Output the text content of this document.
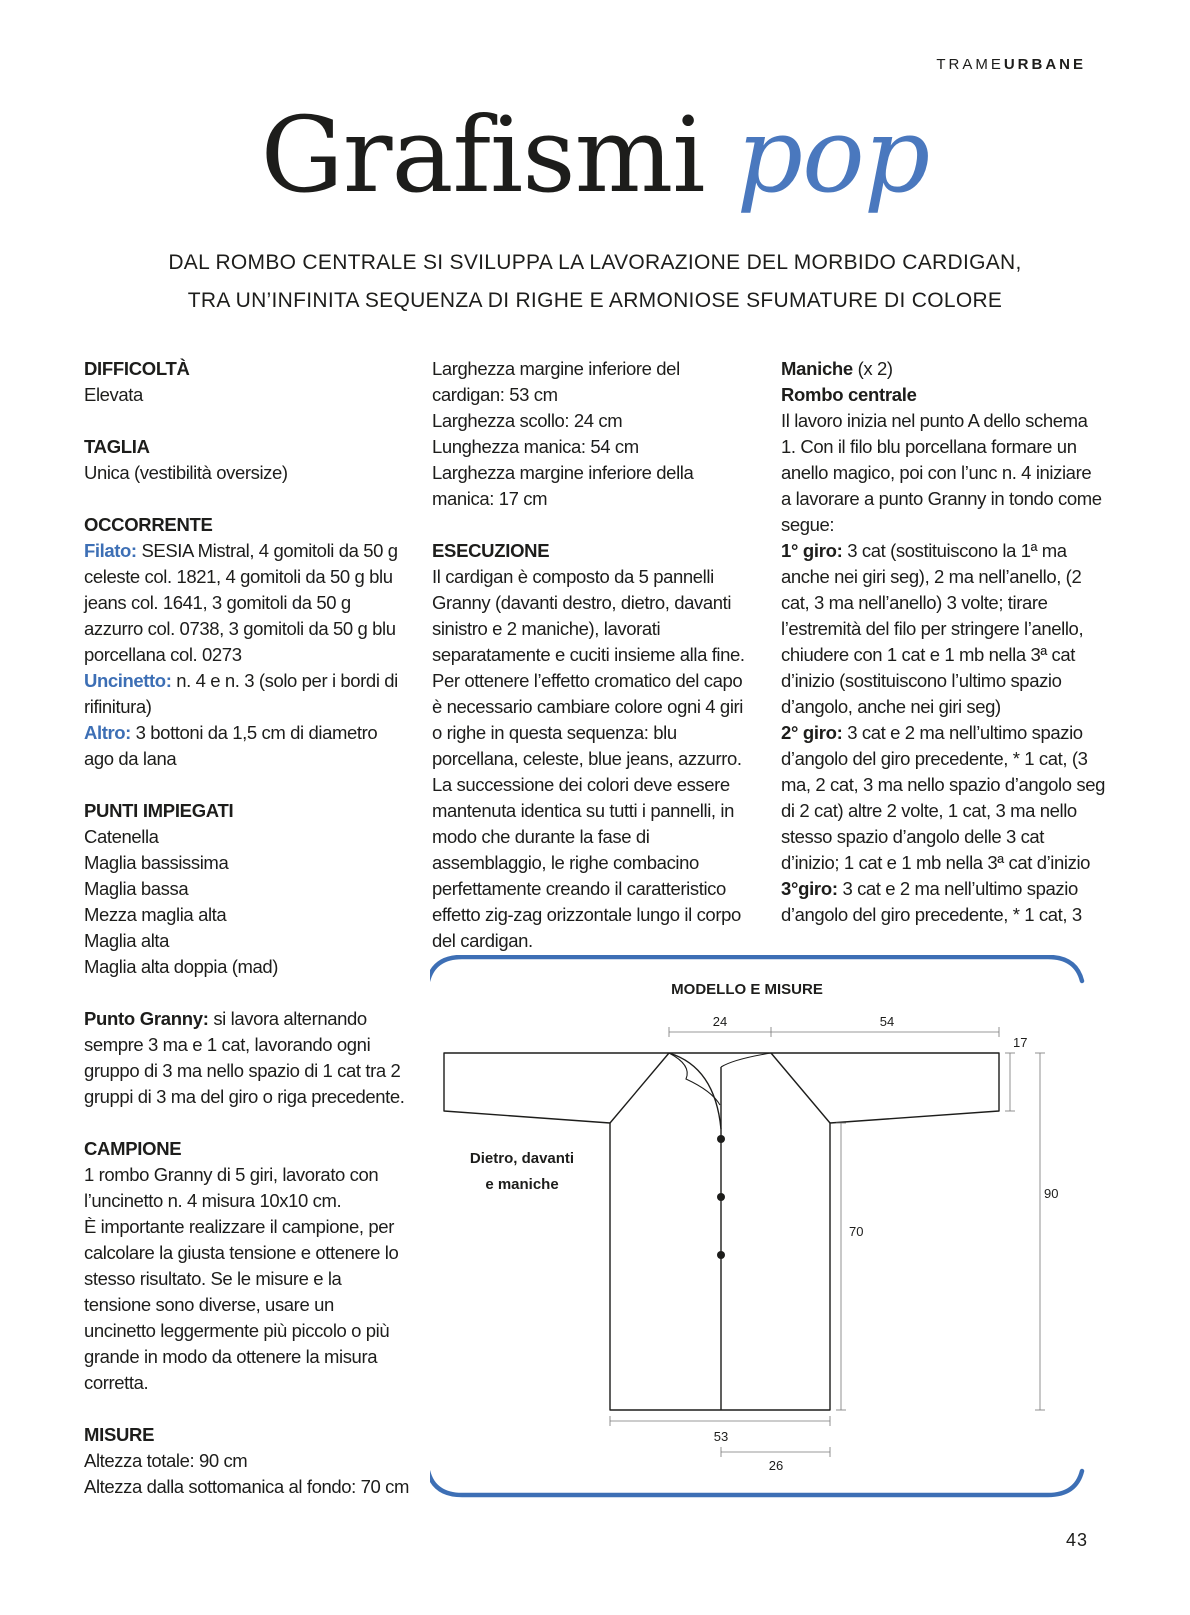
TRAMEURBANE
Grafismi pop
DAL ROMBO CENTRALE SI SVILUPPA LA LAVORAZIONE DEL MORBIDO CARDIGAN,
TRA UN’INFINITA SEQUENZA DI RIGHE E ARMONIOSE SFUMATURE DI COLORE

DIFFICOLTÀ

Elevata

TAGLIA

Unica (vestibilità oversize)

OCCORRENTE

Filato: SESIA Mistral, 4 gomitoli da 50 g celeste col. 1821, 4 gomitoli da 50 g blu jeans col. 1641, 3 gomitoli da 50 g azzurro col. 0738, 3 gomitoli da 50 g blu porcellana col. 0273

Uncinetto: n. 4 e n. 3 (solo per i bordi di rifinitura)

Altro: 3 bottoni da 1,5 cm di diametro

ago da lana

PUNTI IMPIEGATI

Catenella

Maglia bassissima

Maglia bassa

Mezza maglia alta

Maglia alta

Maglia alta doppia (mad)

Punto Granny: si lavora alternando sempre 3 ma e 1 cat, lavorando ogni gruppo di 3 ma nello spazio di 1 cat tra 2 gruppi di 3 ma del giro o riga precedente.

CAMPIONE

1 rombo Granny di 5 giri, lavorato con l’uncinetto n. 4 misura 10x10 cm.

È importante realizzare il campione, per calcolare la giusta tensione e ottenere lo stesso risultato. Se le misure e la tensione sono diverse, usare un uncinetto leggermente più piccolo o più grande in modo da ottenere la misura corretta.

MISURE

Altezza totale: 90 cm

Altezza dalla sottomanica al fondo: 70 cm

Larghezza margine inferiore del cardigan: 53 cm

Larghezza scollo: 24 cm

Lunghezza manica: 54 cm

Larghezza margine inferiore della manica: 17 cm

ESECUZIONE

Il cardigan è composto da 5 pannelli Granny (davanti destro, dietro, davanti sinistro e 2 maniche), lavorati separatamente e cuciti insieme alla fine.

Per ottenere l’effetto cromatico del capo è necessario cambiare colore ogni 4 giri o righe in questa sequenza: blu porcellana, celeste, blue jeans, azzurro.

La successione dei colori deve essere mantenuta identica su tutti i pannelli, in modo che durante la fase di assemblaggio, le righe combacino perfettamente creando il caratteristico effetto zig-zag orizzontale lungo il corpo del cardigan.

Maniche (x 2)

Rombo centrale

Il lavoro inizia nel punto A dello schema 1. Con il filo blu porcellana formare un anello magico, poi con l’unc n. 4 iniziare a lavorare a punto Granny in tondo come segue:

1° giro: 3 cat (sostituiscono la 1ª ma anche nei giri seg), 2 ma nell’anello, (2 cat, 3 ma nell’anello) 3 volte; tirare l’estremità del filo per stringere l’anello, chiudere con 1 cat e 1 mb nella 3ª cat d’inizio (sostituiscono l’ultimo spazio d’angolo, anche nei giri seg)

2° giro: 3 cat e 2 ma nell’ultimo spazio d’angolo del giro precedente, * 1 cat, (3 ma, 2 cat, 3 ma nello spazio d’angolo seg di 2 cat) altre 2 volte, 1 cat, 3 ma nello stesso spazio d’angolo delle 3 cat d’inizio; 1 cat e 1 mb nella 3ª cat d’inizio

3°giro: 3 cat e 2 ma nell’ultimo spazio d’angolo del giro precedente, * 1 cat, 3

MODELLO E MISURE
24	54
Dietro, davanti
e maniche
17
90
70
53
26
43
